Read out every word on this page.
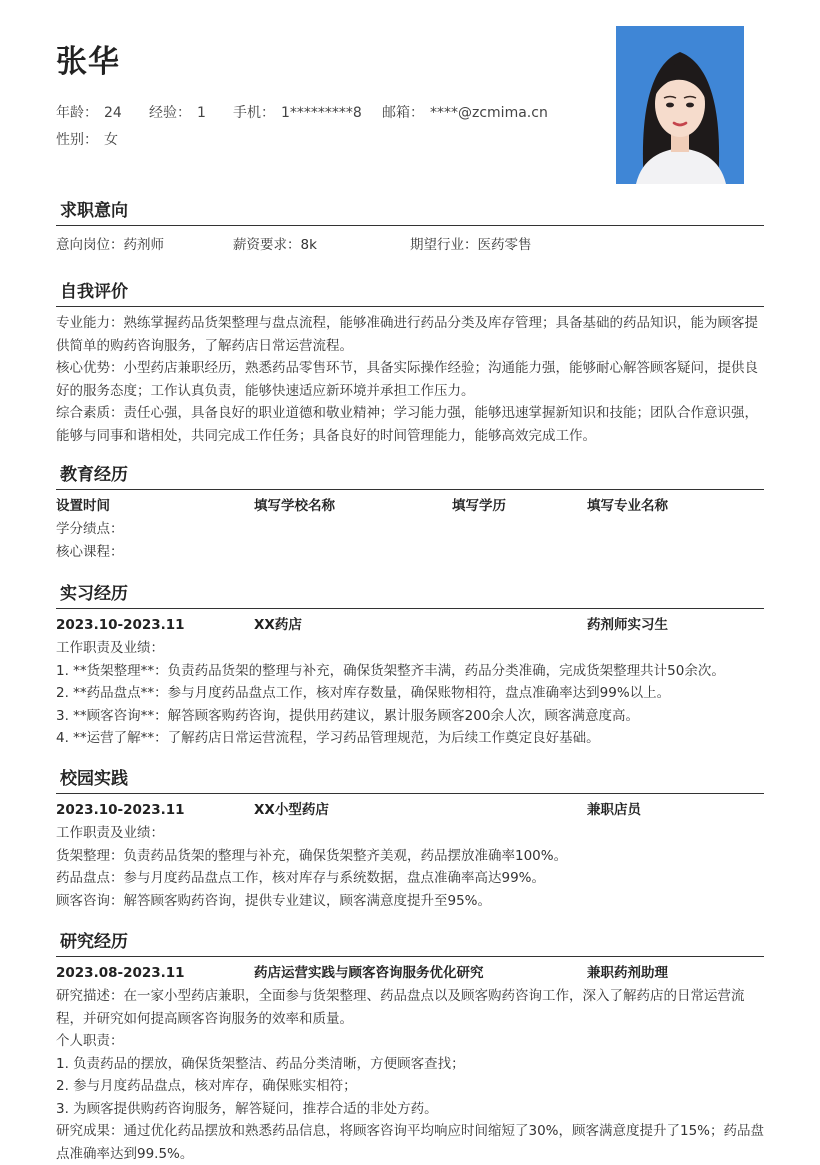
张华
年龄： 24 经验： 1 手机： 1*********8 邮箱： ****@zcmima.cn
性别： 女
求职意向
意向岗位：药剂师	薪资要求：8k	期望行业：医药零售
自我评价
专业能力：熟练掌握药品货架整理与盘点流程，能够准确进行药品分类及库存管理；具备基础的药品知识，能为顾客提供简单的购药咨询服务，了解药店日常运营流程。
核心优势：小型药店兼职经历，熟悉药品零售环节，具备实际操作经验；沟通能力强，能够耐心解答顾客疑问，提供良好的服务态度；工作认真负责，能够快速适应新环境并承担工作压力。
综合素质：责任心强，具备良好的职业道德和敬业精神；学习能力强，能够迅速掌握新知识和技能；团队合作意识强，能够与同事和谐相处，共同完成工作任务；具备良好的时间管理能力，能够高效完成工作。
教育经历
设置时间	填写学校名称	填写学历	填写专业名称
学分绩点：
核心课程：
实习经历
2023.10-2023.11	XX药店	药剂师实习生
工作职责及业绩：
1. **货架整理**：负责药品货架的整理与补充，确保货架整齐丰满，药品分类准确，完成货架整理共计50余次。
2. **药品盘点**：参与月度药品盘点工作，核对库存数量，确保账物相符，盘点准确率达到99%以上。
3. **顾客咨询**：解答顾客购药咨询，提供用药建议，累计服务顾客200余人次，顾客满意度高。
4. **运营了解**：了解药店日常运营流程，学习药品管理规范，为后续工作奠定良好基础。
校园实践
2023.10-2023.11	XX小型药店	兼职店员
工作职责及业绩：
货架整理：负责药品货架的整理与补充，确保货架整齐美观，药品摆放准确率100%。
药品盘点：参与月度药品盘点工作，核对库存与系统数据，盘点准确率高达99%。
顾客咨询：解答顾客购药咨询，提供专业建议，顾客满意度提升至95%。
研究经历
2023.08-2023.11	药店运营实践与顾客咨询服务优化研究	兼职药剂助理
研究描述：在一家小型药店兼职，全面参与货架整理、药品盘点以及顾客购药咨询工作，深入了解药店的日常运营流程，并研究如何提高顾客咨询服务的效率和质量。
个人职责：
1. 负责药品的摆放，确保货架整洁、药品分类清晰，方便顾客查找；
2. 参与月度药品盘点，核对库存，确保账实相符；
3. 为顾客提供购药咨询服务，解答疑问，推荐合适的非处方药。
研究成果：通过优化药品摆放和熟悉药品信息，将顾客咨询平均响应时间缩短了30%，顾客满意度提升了15%；药品盘点准确率达到99.5%。
